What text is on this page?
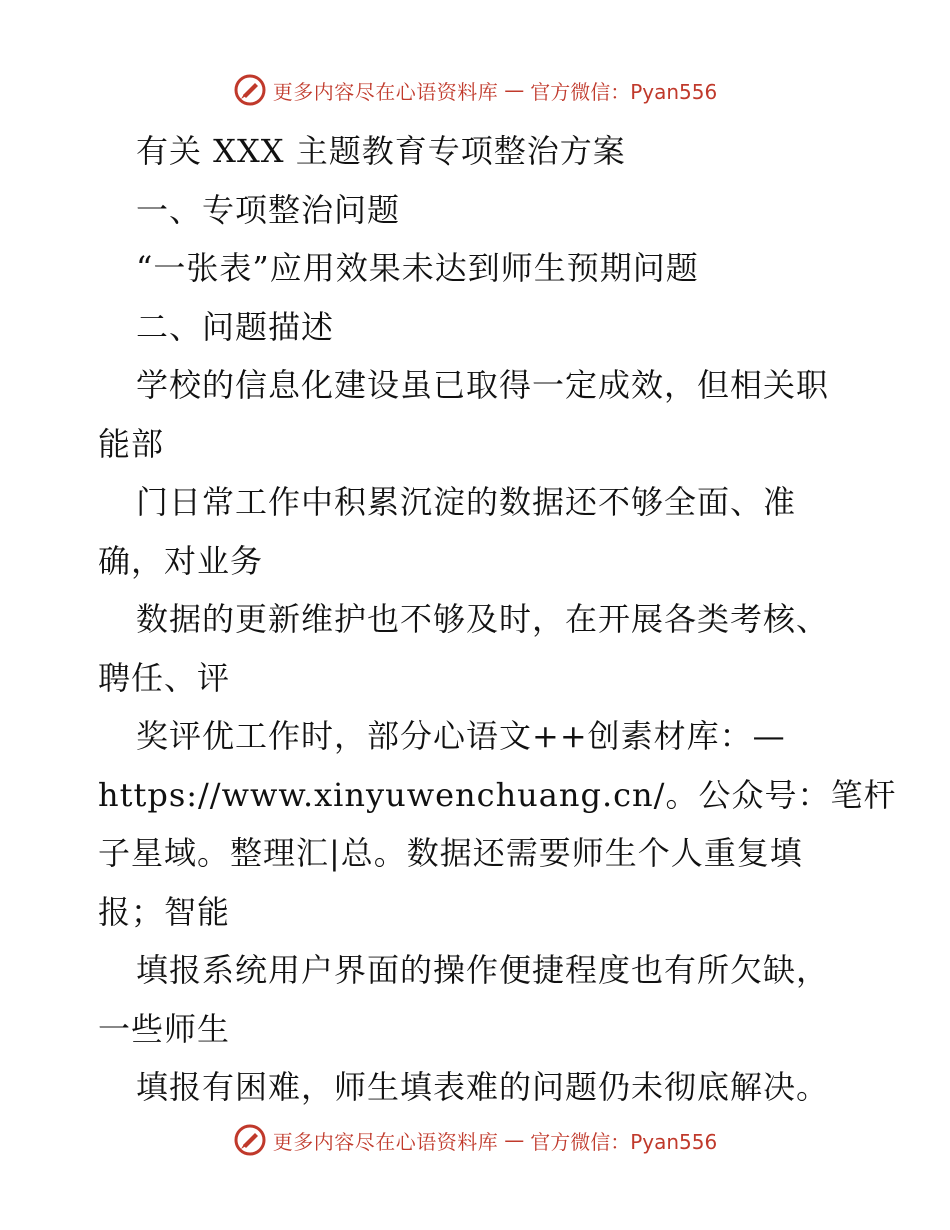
更多内容尽在心语资料库 — 官方微信：Pyan556
有关 XXX 主题教育专项整治方案
一、专项整治问题
“一张表”应用效果未达到师生预期问题
二、问题描述
学校的信息化建设虽已取得一定成效，但相关职
能部
门日常工作中积累沉淀的数据还不够全面、准
确，对业务
数据的更新维护也不够及时，在开展各类考核、
聘任、评
奖评优工作时，部分心语文++创素材库：—
https://www.xinyuwenchuang.cn/。公众号：笔杆
子星域。整理汇|总。数据还需要师生个人重复填
报；智能
填报系统用户界面的操作便捷程度也有所欠缺，
一些师生
填报有困难，师生填表难的问题仍未彻底解决。
更多内容尽在心语资料库 — 官方微信：Pyan556
